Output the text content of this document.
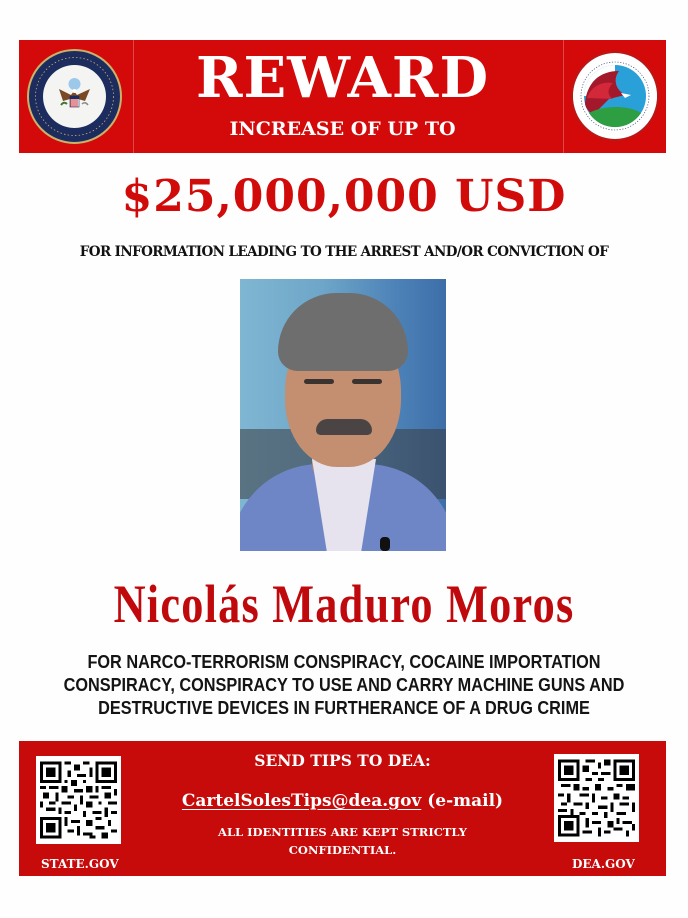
REWARD
INCREASE OF UP TO
$25,000,000 USD
FOR INFORMATION LEADING TO THE ARREST AND/OR CONVICTION OF
Nicolás Maduro Moros
FOR NARCO-TERRORISM CONSPIRACY, COCAINE IMPORTATION
CONSPIRACY, CONSPIRACY TO USE AND CARRY MACHINE GUNS AND
DESTRUCTIVE DEVICES IN FURTHERANCE OF A DRUG CRIME
STATE.GOV
SEND TIPS TO DEA:
CartelSolesTips@dea.gov (e-mail)
ALL IDENTITIES ARE KEPT STRICTLY
CONFIDENTIAL.
DEA.GOV
